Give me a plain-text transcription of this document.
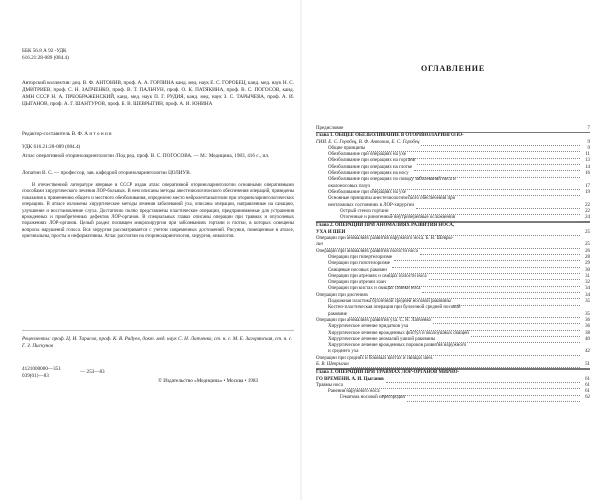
ББК 56.8 А 92 -УДК
616.21:28-089 (084.4)

Авторский коллектив: доц. В. Ф. АНТОНИВ, проф. А. А. ГОРЛИНА канд. мед. наук Е. С. ГОРОБЕЦ, канд. мед. наук Н. С. ДМИТРИЕВ, проф. С. Н. ЗАПЧЕНКО, проф. В. Т. ПАЛЬЧУН, проф. О. К. ПАТЯКИНА, проф. В. С. ПОГОСОВ, канд. АМН СССР Н. А. ПРЕОБРАЖЕНСКИЙ, канд. мед. наук П. Г. РУДИЯ, канд. мед. наук З. С. ТАРЫЧЕВА, проф. А. И. ЦЫГАНОВ, проф. А. Г. ШАНТУРОВ, проф. Б. В. ШЕВРЫГИН, проф. А. И. ЮНИНА

Редактор-составитель В. Ф. А н т о н и в

УДК 616.21:28-089 (084.4)

Атлас оперативной оториноларингологии /Под ред. проф. В. С. ПОГОСОВА. — М.: Медицина, 1983, 416 с., ил.

Лопатин В. С. — профессор, зав. кафедрой оториноларингологии ЦОЛИУВ.

В отечественной литературе впервые в СССР издан атлас оперативной оториноларингологии основными оперативными способами хирургического лечения ЛОР-больных. В нем описаны методы анестезиологического обеспечения операций, приведены показания к применению общего и местного обезболивания, определено место нейролептаналгезии при оториноларингологических операциях. В атласе изложены хирургические методы лечения заболеваний уха, описаны операции, направленные на санацию, улучшение и восстановление слуха. Достаточно полно представлены пластические операции, предпринимаемые для устранения врожденных и приобретенных дефектов ЛОР-органов. В специальных главах описаны операции при травмах и опухолевых поражениях ЛОР-органов. Целый раздел посвящен микрохирургии при заболеваниях гортани и глотки, в которых освещены вопросы нарушений голоса. Вся хирургия рассматривается с учетом современных достижений. Рисунки, помещенные в атласе, оригинальны, просты и информативны. Атлас рассчитан на оториноларингологов, хирургов, онкологов.

Рецензенты: проф. Ц. И. Тарасов, проф. К. В. Радуев, докт. мед. наук С. Н. Лапченко, ст. н. с. М. Е. Загорянская, ст. н. с. Г. З. Пискунов

4121000000—351
039(01)—83
— 253—83

© Издательство «Медицина» • Москва • 1983

ОГЛАВЛЕНИЕ
Предисловие	7
Глава 1. ОБЩЕЕ ОБЕЗБОЛИВАНИЕ В ОТОРИНОЛАРИНГОЛО-
ГИИ. Е. С. Горобец, В. Ф. Антонив, Е. С. Горобец	9
Общие принципы	9
Обезболивание при операциях на ухе	11
Обезболивание при операциях на гортани	13
Обезболивание при операциях на глотке	14
Обезболивание при операциях на носу	16
Обезболивание при операциях по поводу заболеваний носа и
околоносовых пазух	17
Обезболивание при операциях на ухе	19
Основные принципы анестезиологического обеспечения при
неотложных состояниях в ЛОР-хирургии	22
Острый стеноз гортани	22
Отогенные и риногенные внутричерепные осложнения	24
Глава 2. ОПЕРАЦИИ ПРИ АНОМАЛИЯХ РАЗВИТИЯ НОСА,
УХА И ШЕИ	25
Операции при аномалиях развития наружного носа. Б. В. Шевры-
гин	25
Операции при аномалиях развития полости носа	26
Операции при гипертелоризме	28
Операции при гипотелоризме	29
Свищевые носовых раковин	30
Операции при атрезиях и свищах полости носа	31
Операции при атрезии хоан	32
Операции при кистах и свищах спинки носа	34
Операции при дисгениях	34
Подкожная пластика буллезной средней носовой раковины	35
Костно-пластическая операция при буллезной средней носовой
раковине	35
Операции при аномалиях развития уха. С. Н. Лапченко	36
Хирургическое лечение придатков уха	36
Хирургическое лечение врожденных фистул и околоушных свищей	38
Хирургическое лечение аномалий ушной раковины	40
Хирургическое лечение врожденных пороков развития наружного
и среднего уха	42
Операции при средних и боковых кистах и свищах шеи.
Б. В. Шеврыгин	51
Глава 3. ОПЕРАЦИИ ПРИ ТРАВМАХ ЛОР-ОРГАНОВ МИРНО-
ГО ВРЕМЕНИ. А. И. Цыганов	61
Травмы носа	61
Ранения наружного носа	61
Гематома носовой перегородки	62
